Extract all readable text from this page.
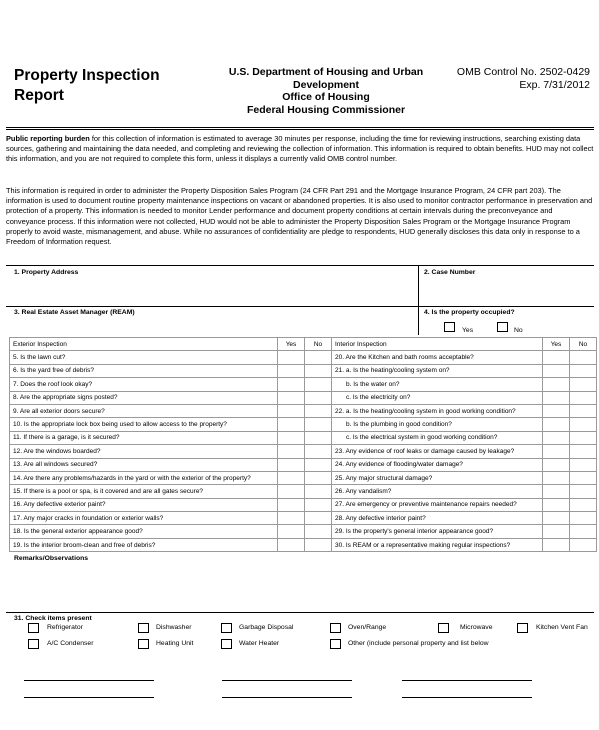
Property Inspection
Report
U.S. Department of Housing and Urban
Development
Office of Housing
Federal Housing Commissioner
OMB Control No. 2502-0429
Exp. 7/31/2012
Public reporting burden for this collection of information is estimated to average 30 minutes per response, including the time for reviewing instructions, searching existing data sources, gathering and maintaining the data needed, and completing and reviewing the collection of information. This information is required to obtain benefits. HUD may not collect this information, and you are not required to complete this form, unless it displays a currently valid OMB control number.
This information is required in order to administer the Property Disposition Sales Program (24 CFR Part 291 and the Mortgage Insurance Program, 24 CFR part 203). The information is used to document routine property maintenance inspections on vacant or abandoned properties. It is also used to monitor contractor performance in preservation and protection of a property. This information is needed to monitor Lender performance and document property conditions at certain intervals during the preconveyance and conveyance process. If this information were not collected, HUD would not be able to administer the Property Disposition Sales Program or the Mortgage Insurance Program properly to avoid waste, mismanagement, and abuse. While no assurances of confidentiality are pledge to respondents, HUD generally discloses this data only in response to a Freedom of Information request.
1. Property Address	2. Case Number
3. Real Estate Asset Manager (REAM)	4. Is the property occupied?
Yes	No
Exterior Inspection	Yes	No	Interior Inspection	Yes	No
5. Is the lawn cut?			20. Are the Kitchen and bath rooms acceptable?		
6. Is the yard free of debris?			21. a. Is the heating/cooling system on?		
7. Does the roof look okay?			b. Is the water on?		
8. Are the appropriate signs posted?			c. Is the electricity on?		
9. Are all exterior doors secure?			22. a. Is the heating/cooling system in good working condition?		
10. Is the appropriate lock box being used to allow access to the property?			b. Is the plumbing in good condition?		
11. If there is a garage, is it secured?			c. Is the electrical system in good working condition?		
12. Are the windows boarded?			23. Any evidence of roof leaks or damage caused by leakage?		
13. Are all windows secured?			24. Any evidence of flooding/water damage?		
14. Are there any problems/hazards in the yard or with the exterior of the property?			25. Any major structural damage?		
15. If there is a pool or spa, is it covered and are all gates secure?			26. Any vandalism?		
16. Any defective exterior paint?			27. Are emergency or preventive maintenance repairs needed?		
17. Any major cracks in foundation or exterior walls?			28. Any defective interior paint?		
18. Is the general exterior appearance good?			29. Is the property's general interior appearance good?		
19. Is the interior broom-clean and free of debris?			30. Is REAM or a representative making regular inspections?		
Remarks/Observations
31. Check items present
Refrigerator	Dishwasher	Garbage Disposal	Oven/Range	Microwave	Kitchen Vent Fan
A/C Condenser	Heating Unit	Water Heater	Other (include personal property and list below
